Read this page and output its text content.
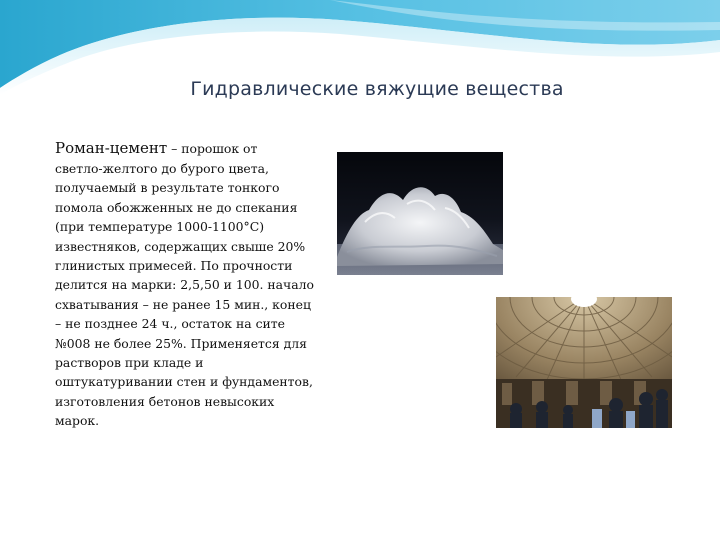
Гидравлические вяжущие вещества
Роман-цемент – порошок от
светло-желтого до бурого цвета, получаемый в результате тонкого помола обожженных не до спекания (при температуре 1000-1100°С) известняков, содержащих свыше 20% глинистых примесей. По прочности делится на марки: 2,5,50 и 100. начало схватывания – не ранее 15 мин., конец – не позднее 24 ч., остаток на сите №008 не более 25%. Применяется для растворов при кладе и оштукатуривании стен и фундаментов, изготовления бетонов невысоких марок.
